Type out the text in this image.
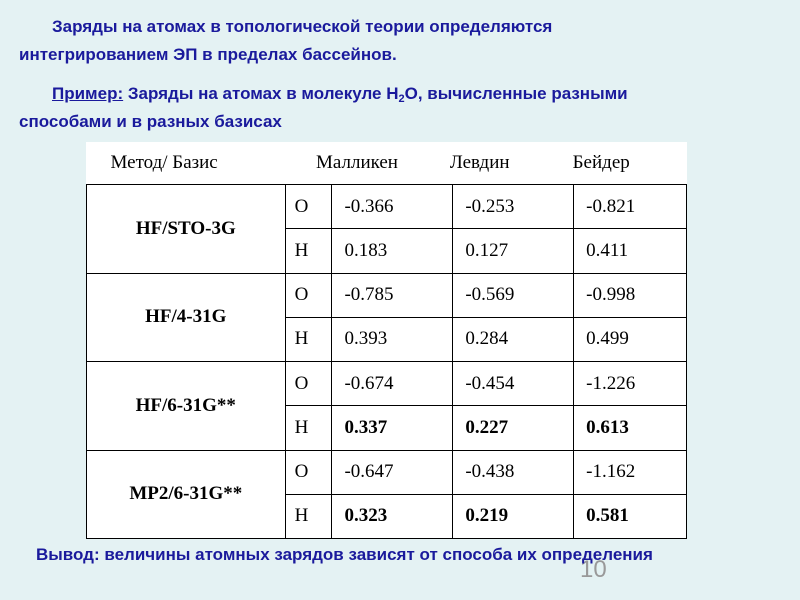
Заряды на атомах в топологической теории определяются

интегрированием ЭП в пределах бассейнов.

Пример: Заряды на атомах в молекуле $H_2O$, вычисленные разными

способами и в разных базисах

Метод/ Базис	Малликен	Левдин	Бейдер
HF/STO-3G	O	-0.366	-0.253	-0.821
H	0.183	0.127	0.411
HF/4-31G	O	-0.785	-0.569	-0.998
H	0.393	0.284	0.499
HF/6-31G**	O	-0.674	-0.454	-1.226
H	0.337	0.227	0.613
MP2/6-31G**	O	-0.647	-0.438	-1.162
H	0.323	0.219	0.581
10

Вывод: величины атомных зарядов зависят от способа их определения
